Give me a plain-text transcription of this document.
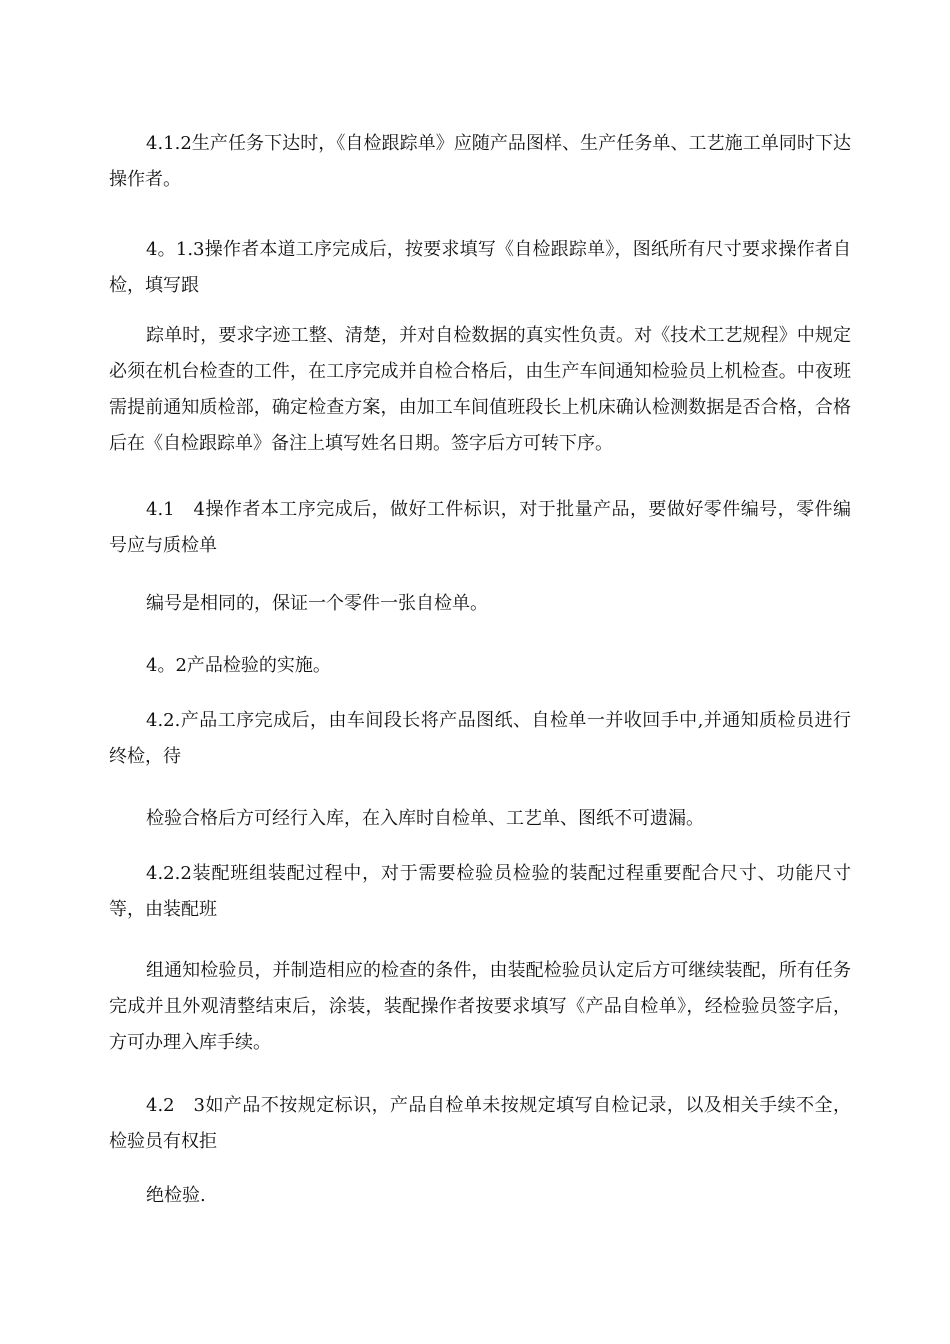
4.1.2生产任务下达时，《自检跟踪单》应随产品图样、生产任务单、工艺施工单同时下达操作者。

4。1.3操作者本道工序完成后，按要求填写《自检跟踪单》，图纸所有尺寸要求操作者自检，填写跟

踪单时，要求字迹工整、清楚，并对自检数据的真实性负责。对《技术工艺规程》中规定必须在机台检查的工件，在工序完成并自检合格后，由生产车间通知检验员上机检查。中夜班需提前通知质检部，确定检查方案，由加工车间值班段长上机床确认检测数据是否合格，合格后在《自检跟踪单》备注上填写姓名日期。签字后方可转下序。

4.1　4操作者本工序完成后，做好工件标识，对于批量产品，要做好零件编号，零件编号应与质检单

编号是相同的，保证一个零件一张自检单。

4。2产品检验的实施。

4.2.产品工序完成后，由车间段长将产品图纸、自检单一并收回手中,并通知质检员进行终检，待

检验合格后方可经行入库，在入库时自检单、工艺单、图纸不可遗漏。

4.2.2装配班组装配过程中，对于需要检验员检验的装配过程重要配合尺寸、功能尺寸等，由装配班

组通知检验员，并制造相应的检查的条件，由装配检验员认定后方可继续装配，所有任务完成并且外观清整结束后，涂装，装配操作者按要求填写《产品自检单》，经检验员签字后，方可办理入库手续。

4.2　3如产品不按规定标识，产品自检单未按规定填写自检记录，以及相关手续不全，检验员有权拒

绝检验.
